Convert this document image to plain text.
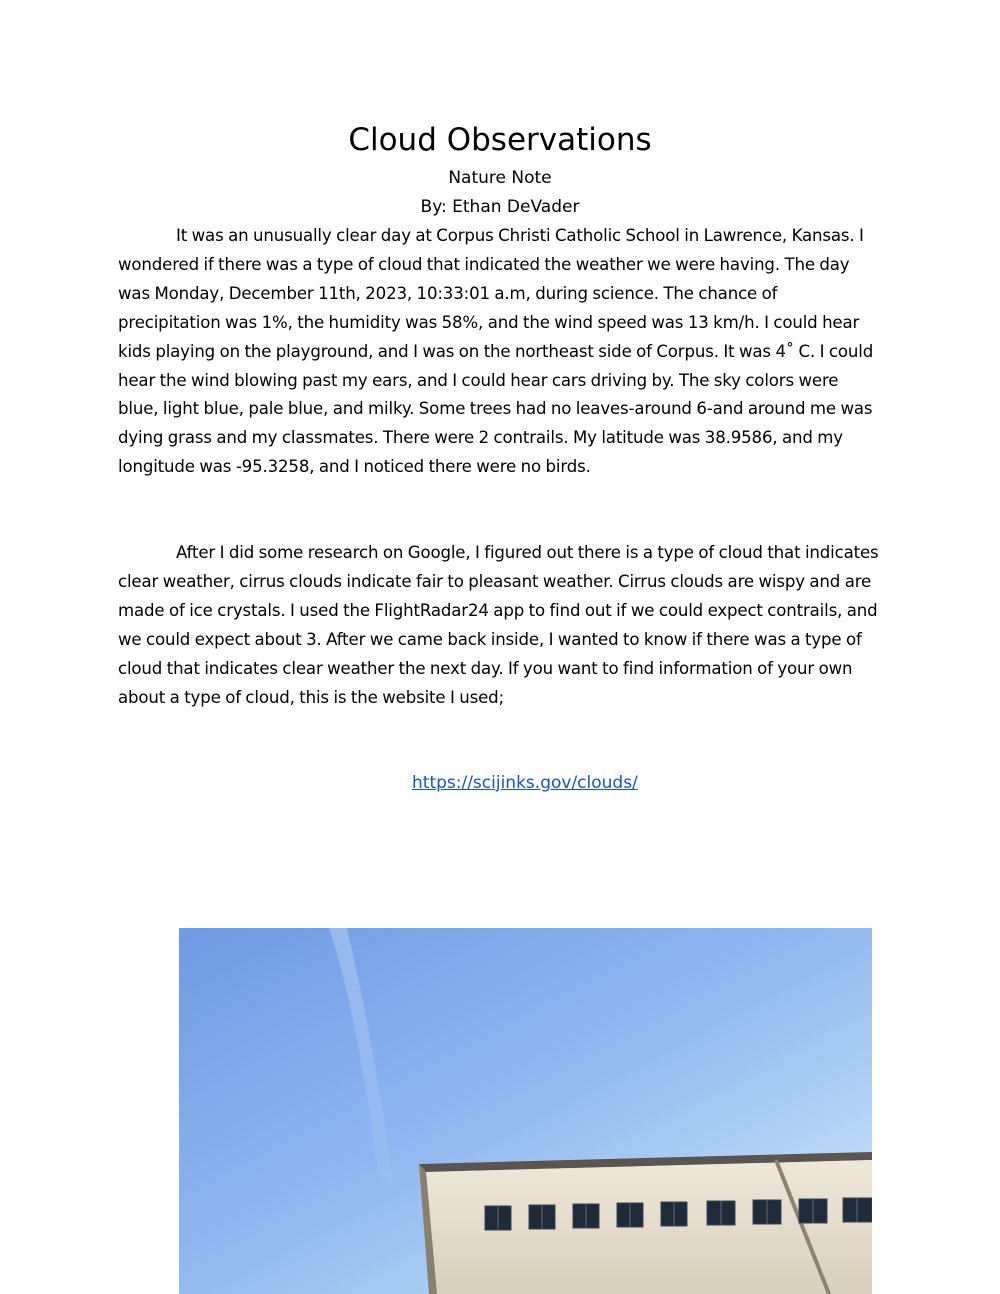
Cloud Observations

Nature Note

By: Ethan DeVader

It was an unusually clear day at Corpus Christi Catholic School in Lawrence, Kansas. I wondered if there was a type of cloud that indicated the weather we were having. The day was Monday, December 11th, 2023, 10:33:01 a.m, during science. The chance of precipitation was 1%, the humidity was 58%, and the wind speed was 13 km/h. I could hear kids playing on the playground, and I was on the northeast side of Corpus. It was 4˚ C. I could hear the wind blowing past my ears, and I could hear cars driving by. The sky colors were blue, light blue, pale blue, and milky. Some trees had no leaves-around 6-and around me was dying grass and my classmates. There were 2 contrails. My latitude was 38.9586, and my longitude was -95.3258, and I noticed there were no birds.

After I did some research on Google, I figured out there is a type of cloud that indicates clear weather, cirrus clouds indicate fair to pleasant weather. Cirrus clouds are wispy and are made of ice crystals. I used the FlightRadar24 app to find out if we could expect contrails, and we could expect about 3. After we came back inside, I wanted to know if there was a type of cloud that indicates clear weather the next day. If you want to find information of your own about a type of cloud, this is the website I used;

https://scijinks.gov/clouds/
